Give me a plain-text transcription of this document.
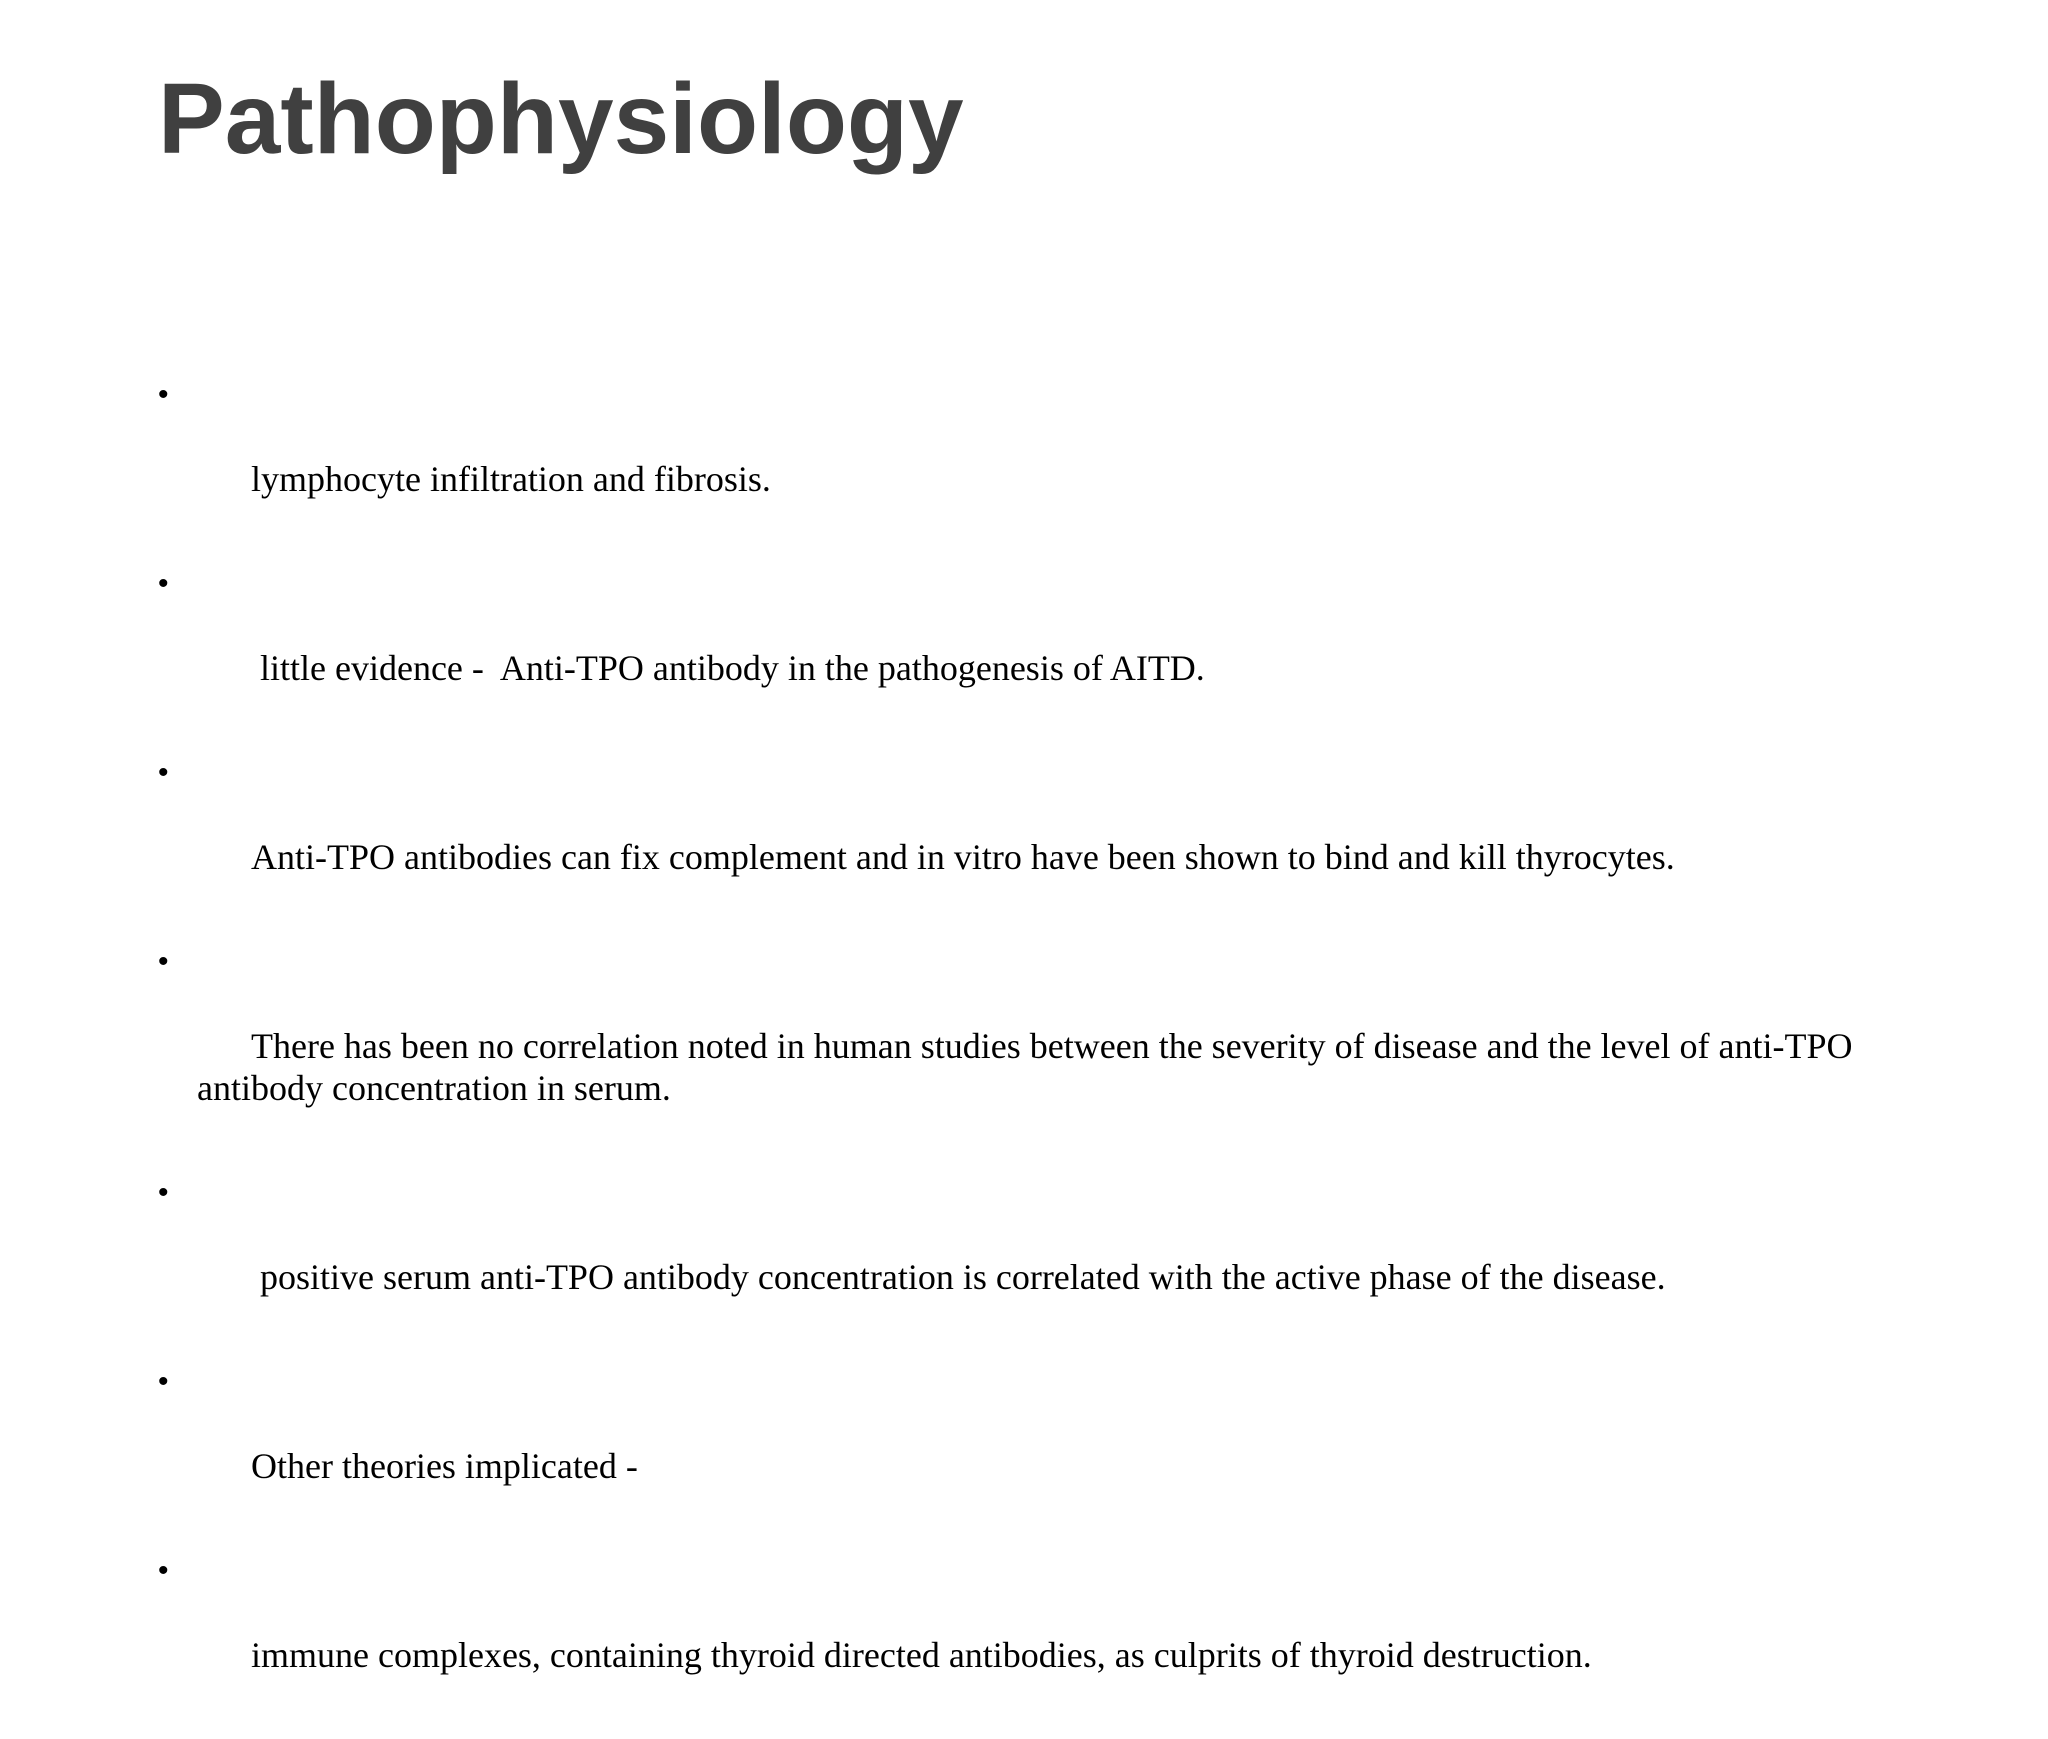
Pathophysiology

•

lymphocyte infiltration and fibrosis.

•

little evidence -  Anti-TPO antibody in the pathogenesis of AITD.

•

Anti-TPO antibodies can fix complement and in vitro have been shown to bind and kill thyrocytes.

•

There has been no correlation noted in human studies between the severity of disease and the level of anti-TPO antibody concentration in serum.

•

positive serum anti-TPO antibody concentration is correlated with the active phase of the disease.

•

Other theories implicated -

•

immune complexes, containing thyroid directed antibodies, as culprits of thyroid destruction.
